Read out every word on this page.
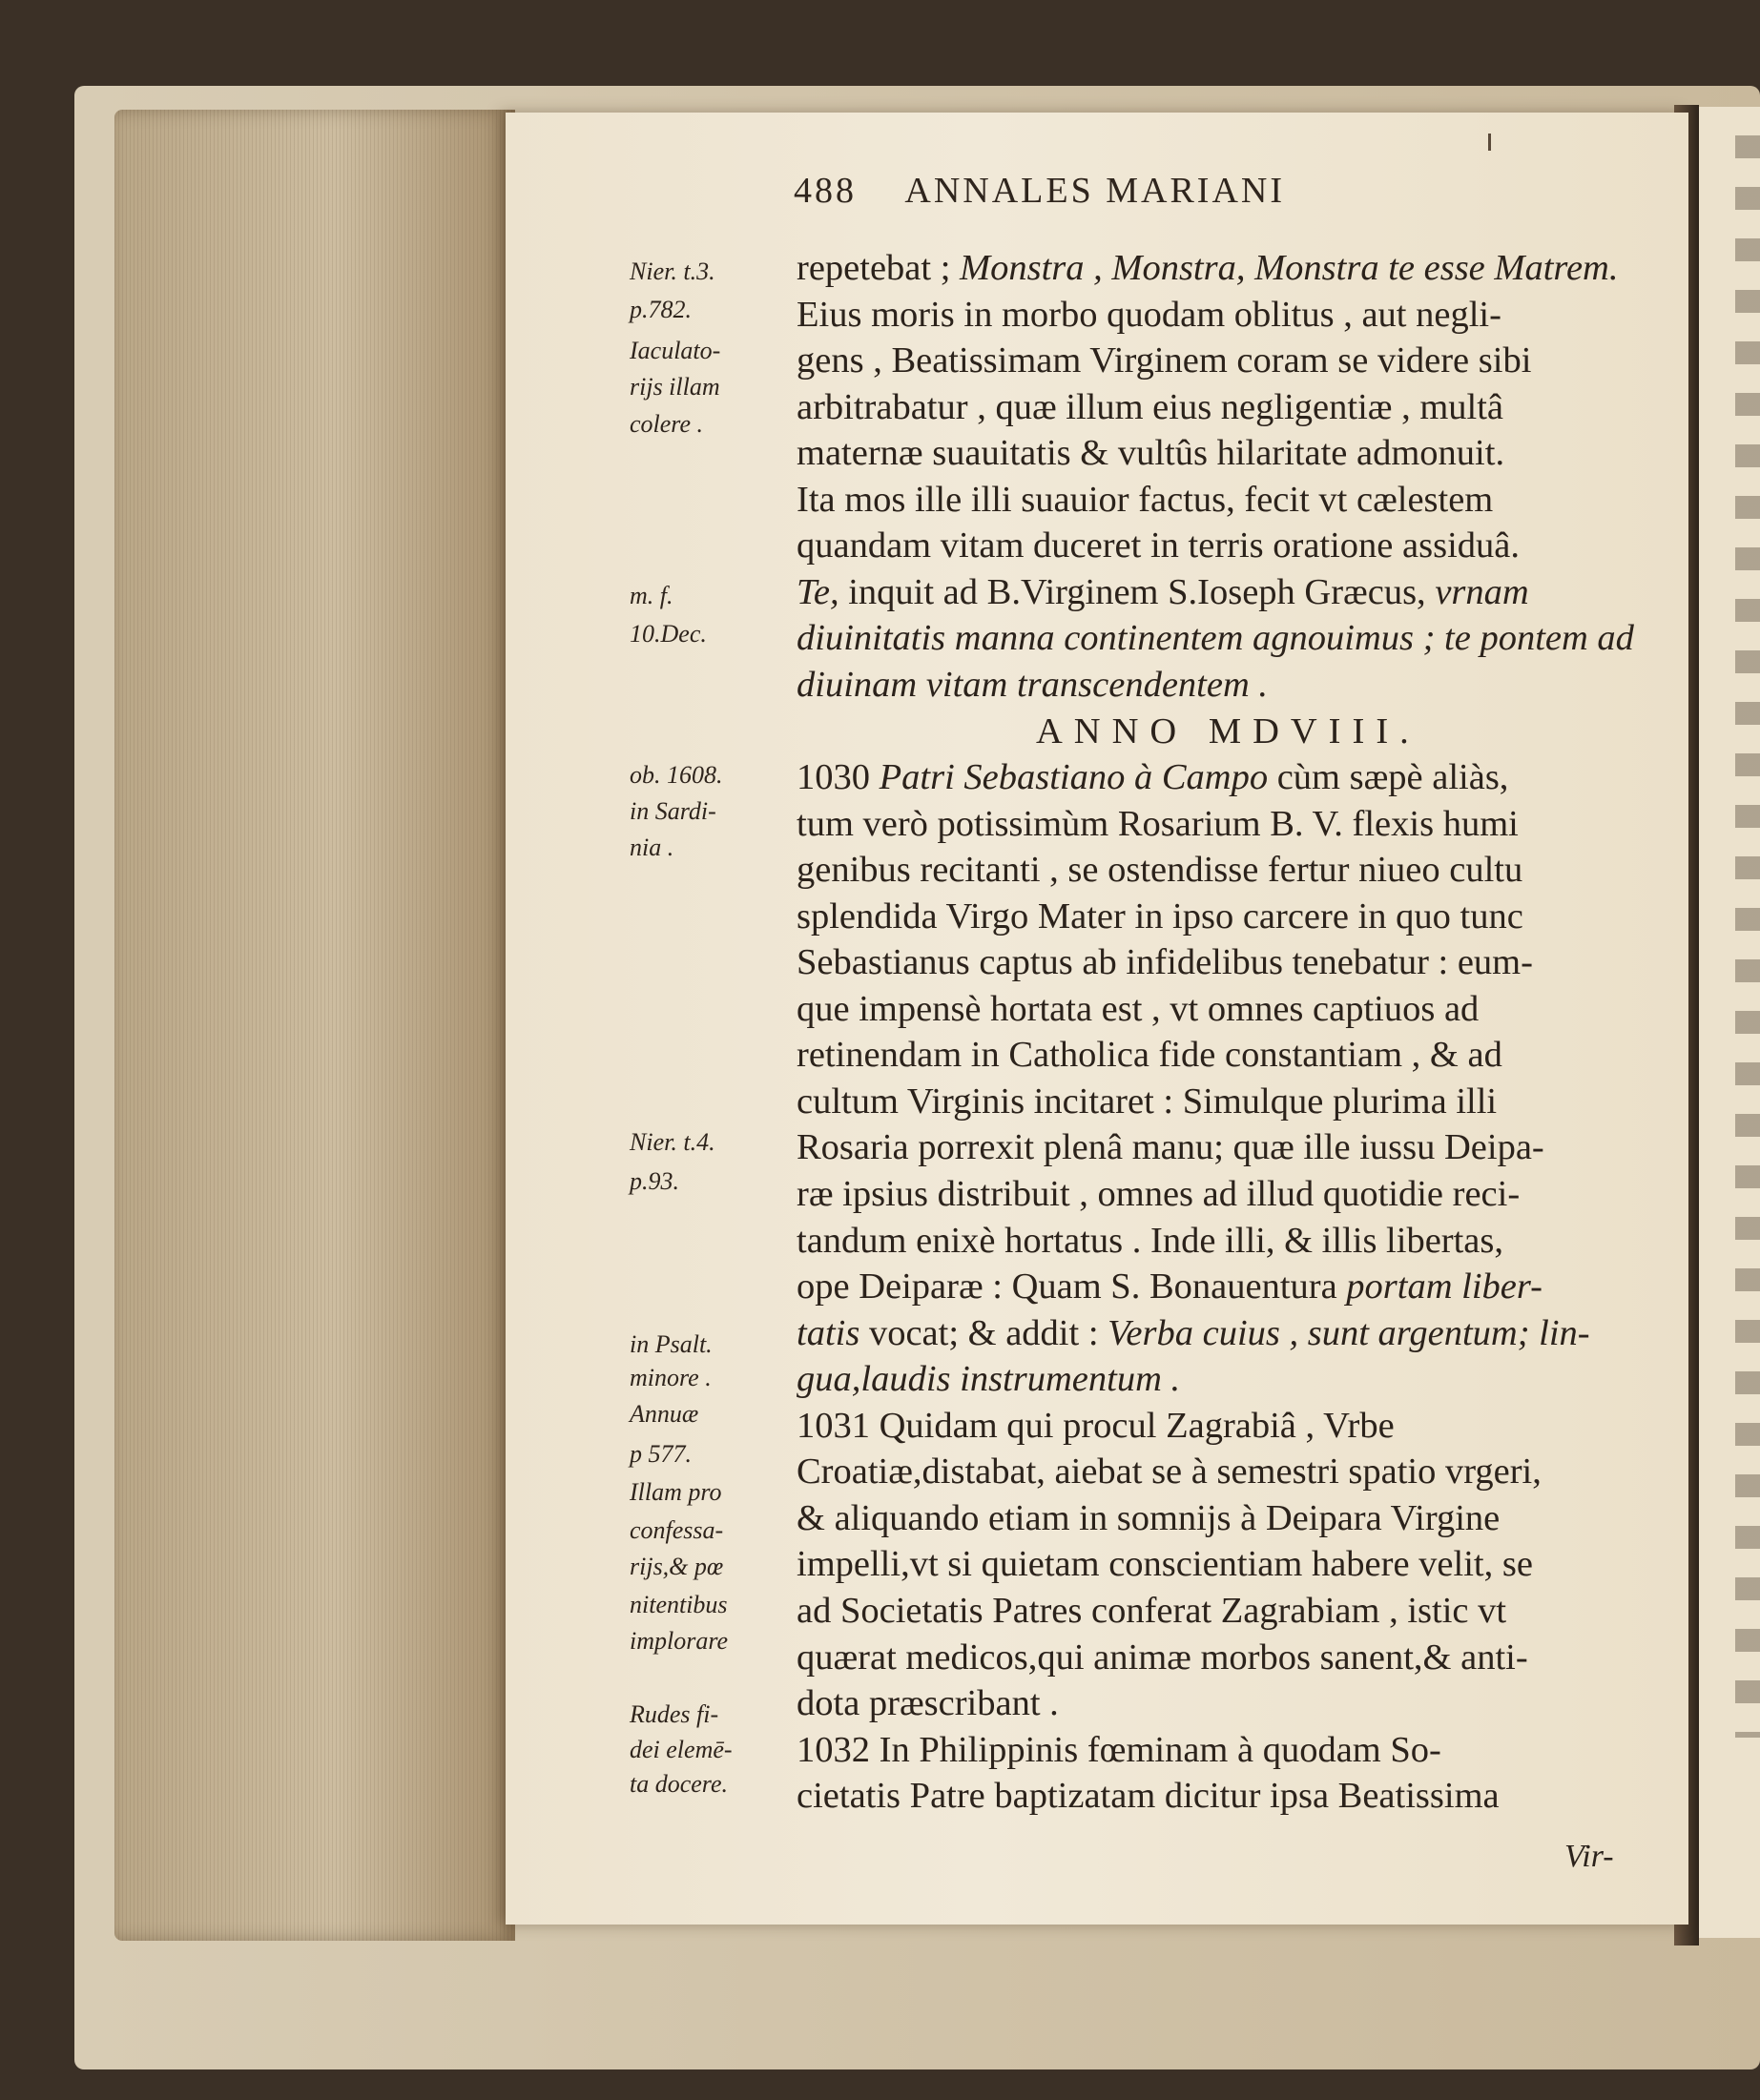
488 ANNALES MARIANI
repetebat ; Monstra , Monstra, Monstra te esse Matrem.
Eius moris in morbo quodam oblitus , aut negli-
gens , Beatissimam Virginem coram se videre sibi
arbitrabatur , quæ illum eius negligentiæ , multâ
maternæ suauitatis & vultûs hilaritate admonuit.
Ita mos ille illi suauior factus, fecit vt cælestem
quandam vitam duceret in terris oratione assiduâ.
Te, inquit ad B.Virginem S.Ioseph Græcus, vrnam
diuinitatis manna continentem agnouimus ; te pontem ad
diuinam vitam transcendentem .
ANNO MDVIII.
1030 Patri Sebastiano à Campo cùm sæpè aliàs,
tum verò potissimùm Rosarium B. V. flexis humi
genibus recitanti , se ostendisse fertur niueo cultu
splendida Virgo Mater in ipso carcere in quo tunc
Sebastianus captus ab infidelibus tenebatur : eum-
que impensè hortata est , vt omnes captiuos ad
retinendam in Catholica fide constantiam , & ad
cultum Virginis incitaret : Simulque plurima illi
Rosaria porrexit plenâ manu; quæ ille iussu Deipa-
ræ ipsius distribuit , omnes ad illud quotidie reci-
tandum enixè hortatus . Inde illi, & illis libertas,
ope Deiparæ : Quam S. Bonauentura portam liber-
tatis vocat; & addit : Verba cuius , sunt argentum; lin-
gua,laudis instrumentum .
1031 Quidam qui procul Zagrabiâ , Vrbe
Croatiæ,distabat, aiebat se à semestri spatio vrgeri,
& aliquando etiam in somnijs à Deipara Virgine
impelli,vt si quietam conscientiam habere velit, se
ad Societatis Patres conferat Zagrabiam , istic vt
quærat medicos,qui animæ morbos sanent,& anti-
dota præscribant .
1032 In Philippinis fœminam à quodam So-
cietatis Patre baptizatam dicitur ipsa Beatissima
Nier. t.3.
p.782.
Iaculato-
rijs illam
colere .
m. f.
10.Dec.
ob. 1608.
in Sardi-
nia .
Nier. t.4.
p.93.
in Psalt.
minore .
Annuæ
p 577.
Illam pro
confessa-
rijs,& pœ
nitentibus
implorare
Rudes fi-
dei elemē-
ta docere.
Vir-
